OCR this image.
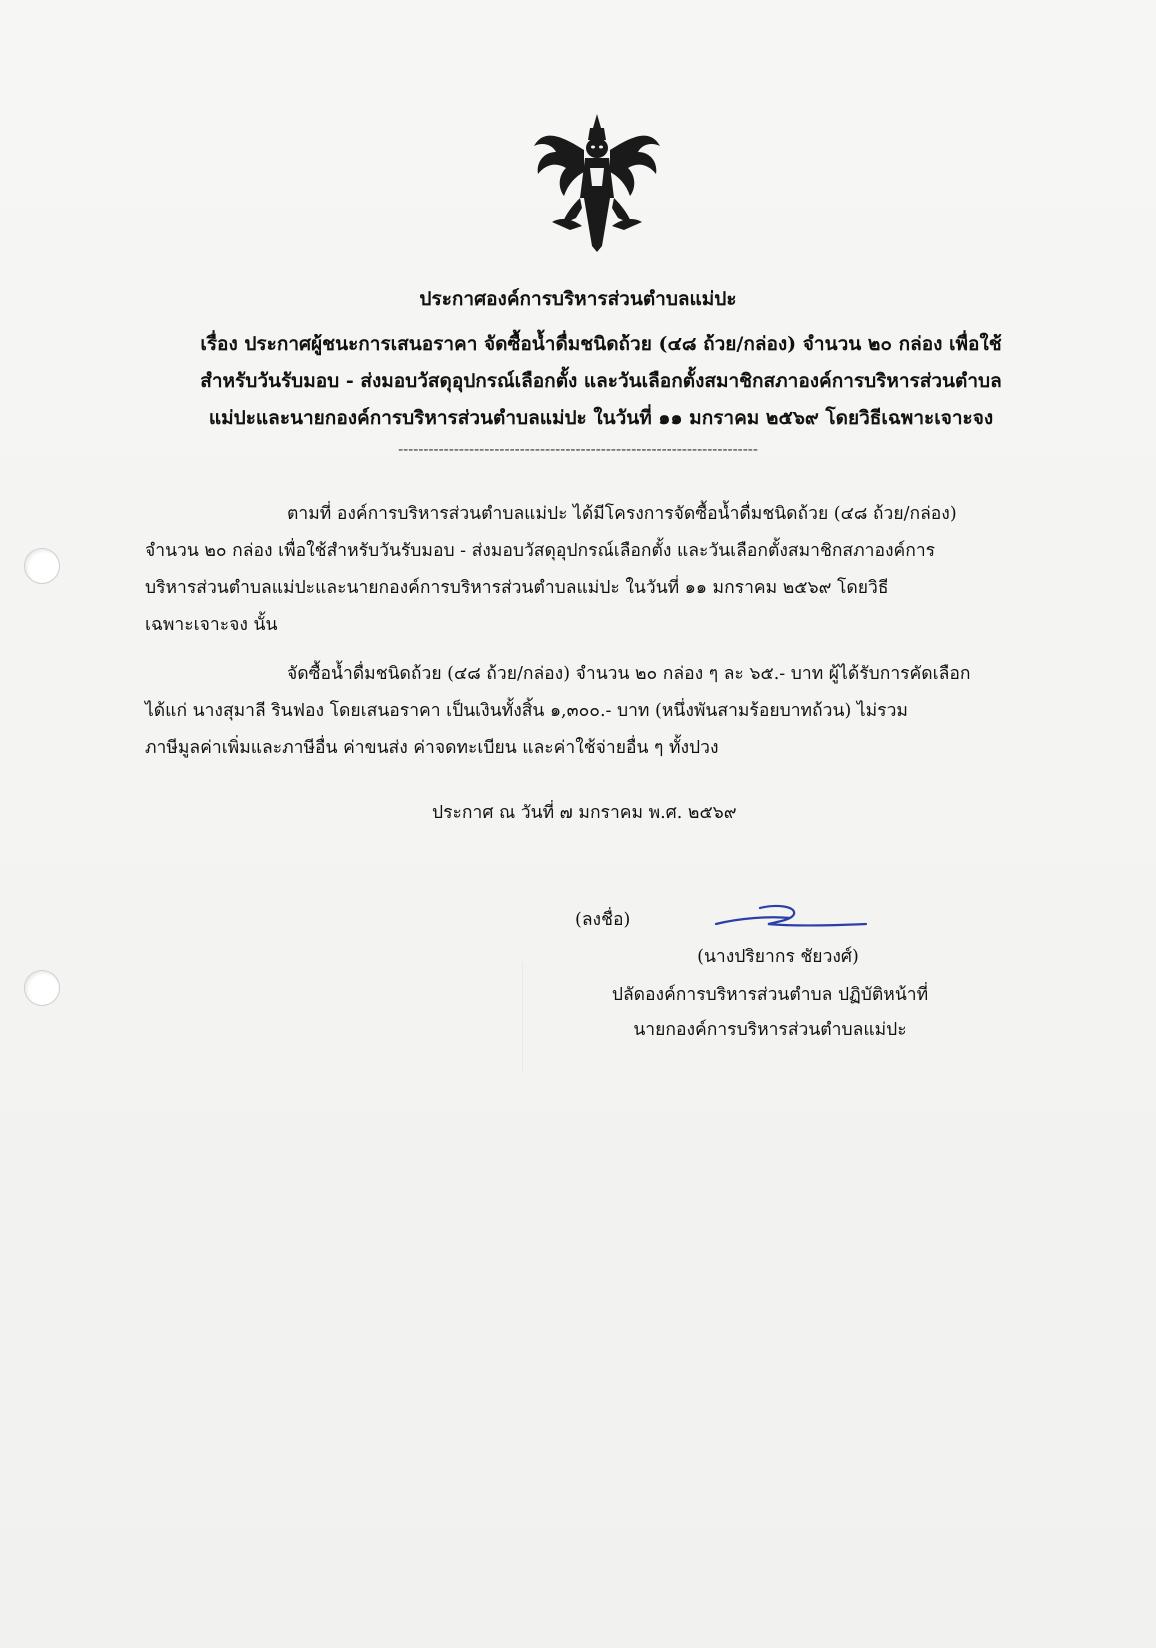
ประกาศองค์การบริหารส่วนตำบลแม่ปะ
เรื่อง ประกาศผู้ชนะการเสนอราคา จัดซื้อน้ำดื่มชนิดถ้วย (๔๘ ถ้วย/กล่อง) จำนวน ๒๐ กล่อง เพื่อใช้
สำหรับวันรับมอบ - ส่งมอบวัสดุอุปกรณ์เลือกตั้ง และวันเลือกตั้งสมาชิกสภาองค์การบริหารส่วนตำบล
แม่ปะและนายกองค์การบริหารส่วนตำบลแม่ปะ ในวันที่ ๑๑ มกราคม ๒๕๖๙ โดยวิธีเฉพาะเจาะจง
-----------------------------------------------------------------------
ตามที่ องค์การบริหารส่วนตำบลแม่ปะ ได้มีโครงการจัดซื้อน้ำดื่มชนิดถ้วย (๔๘ ถ้วย/กล่อง)
จำนวน ๒๐ กล่อง เพื่อใช้สำหรับวันรับมอบ - ส่งมอบวัสดุอุปกรณ์เลือกตั้ง และวันเลือกตั้งสมาชิกสภาองค์การ
บริหารส่วนตำบลแม่ปะและนายกองค์การบริหารส่วนตำบลแม่ปะ ในวันที่ ๑๑ มกราคม ๒๕๖๙ โดยวิธี
เฉพาะเจาะจง นั้น
จัดซื้อน้ำดื่มชนิดถ้วย (๔๘ ถ้วย/กล่อง) จำนวน ๒๐ กล่อง ๆ ละ ๖๕.- บาท ผู้ได้รับการคัดเลือก
ได้แก่ นางสุมาลี รินฟอง โดยเสนอราคา เป็นเงินทั้งสิ้น ๑,๓๐๐.- บาท (หนึ่งพันสามร้อยบาทถ้วน) ไม่รวม
ภาษีมูลค่าเพิ่มและภาษีอื่น ค่าขนส่ง ค่าจดทะเบียน และค่าใช้จ่ายอื่น ๆ ทั้งปวง
ประกาศ ณ วันที่ ๗ มกราคม พ.ศ. ๒๕๖๙
(ลงชื่อ)
(นางปริยากร ชัยวงศ์)
ปลัดองค์การบริหารส่วนตำบล ปฏิบัติหน้าที่
นายกองค์การบริหารส่วนตำบลแม่ปะ
